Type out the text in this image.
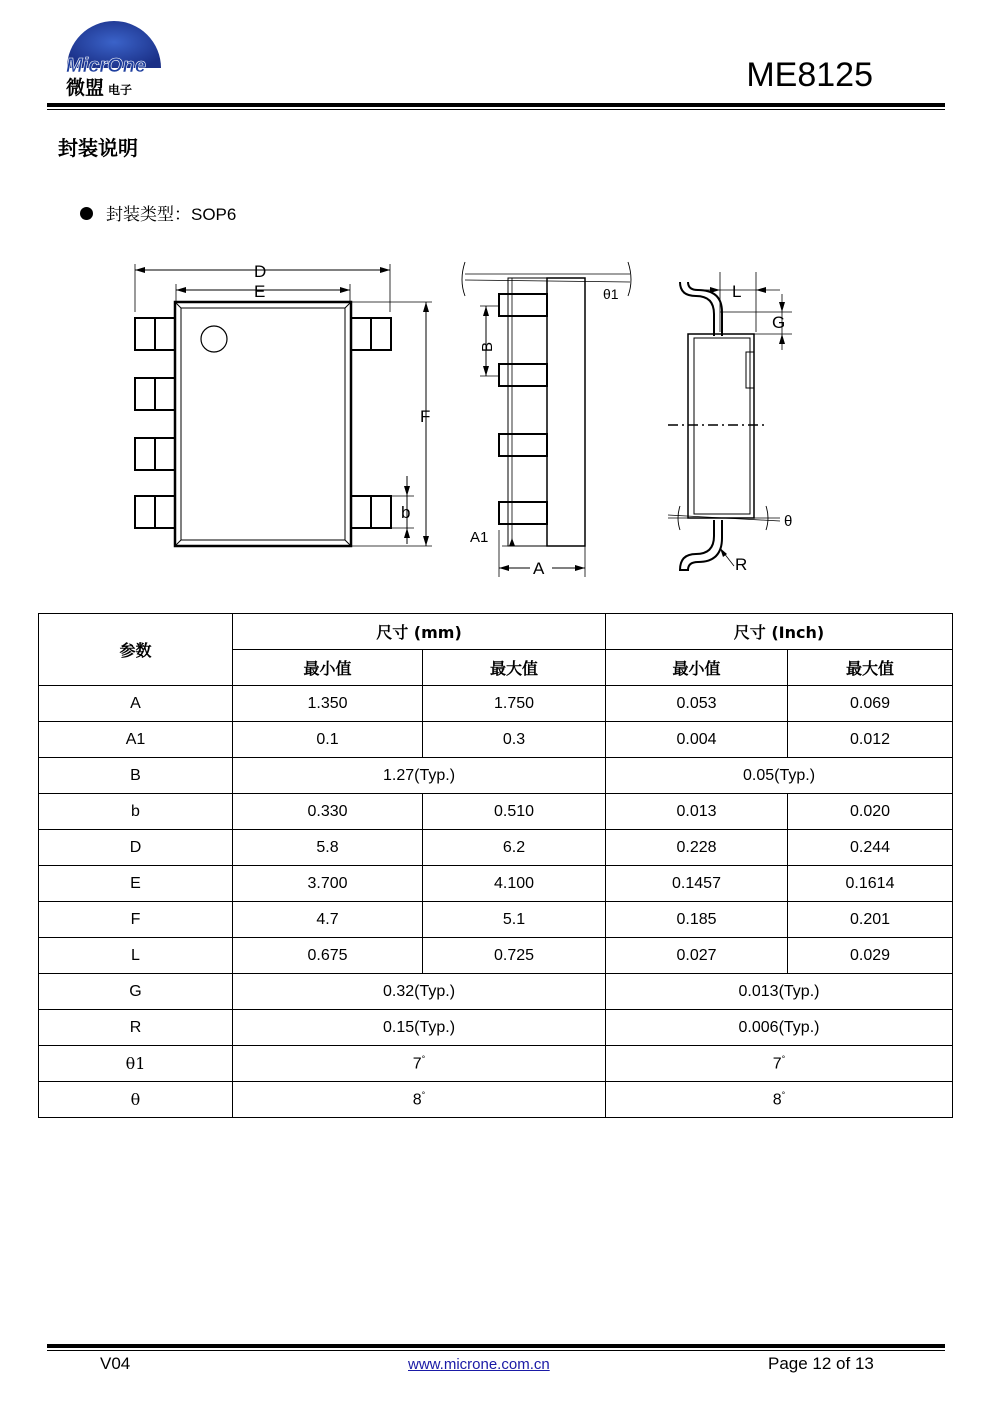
MicrOne
微盟 电子	ME8125
封装说明
封装类型：SOP6
D
E
F
b
θ1
B
A1
A
L
G
θ
R
参数	尺寸 (mm)		尺寸 (Inch)	
	最小值	最大值	最小值	最大值
A	1.350	1.750	0.053	0.069
A1	0.1	0.3	0.004	0.012
B	1.27(Typ.)		0.05(Typ.)	
b	0.330	0.510	0.013	0.020
D	5.8	6.2	0.228	0.244
E	3.700	4.100	0.1457	0.1614
F	4.7	5.1	0.185	0.201
L	0.675	0.725	0.027	0.029
G	0.32(Typ.)		0.013(Typ.)	
R	0.15(Typ.)		0.006(Typ.)	
θ1	7°		7°
θ	8°		8°
V04	www.microne.com.cn	Page 12 of 13
